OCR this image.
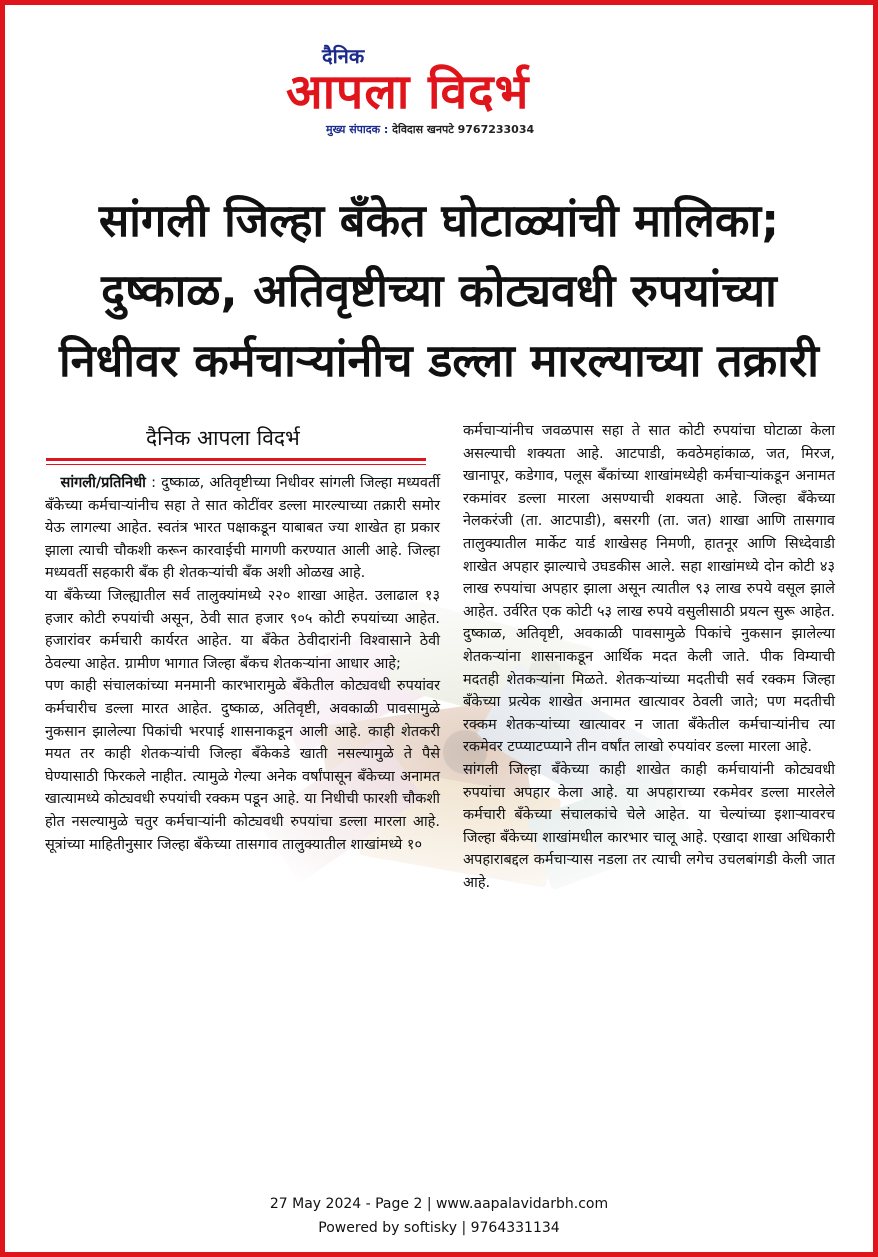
दैनिक
आपला विदर्भ
मुख्य संपादक : देविदास खनपटे 9767233034
सांगली जिल्हा बँकेत घोटाळ्यांची मालिका;
दुष्काळ, अतिवृष्टीच्या कोट्यवधी रुपयांच्या
निधीवर कर्मचाऱ्यांनीच डल्ला मारल्याच्या तक्रारी
दैनिक आपला विदर्भ

सांगली/प्रतिनिधी : दुष्काळ, अतिवृष्टीच्या निधीवर सांगली जिल्हा मध्यवर्ती बँकेच्या कर्मचाऱ्यांनीच सहा ते सात कोटींवर डल्ला मारल्याच्या तक्रारी समोर येऊ लागल्या आहेत. स्वतंत्र भारत पक्षाकडून याबाबत ज्या शाखेत हा प्रकार झाला त्याची चौकशी करून कारवाईची मागणी करण्यात आली आहे. जिल्हा मध्यवर्ती सहकारी बँक ही शेतकऱ्यांची बँक अशी ओळख आहे.

या बँकेच्या जिल्ह्यातील सर्व तालुक्यांमध्ये २२० शाखा आहेत. उलाढाल १३ हजार कोटी रुपयांची असून, ठेवी सात हजार ९०५ कोटी रुपयांच्या आहेत. हजारांवर कर्मचारी कार्यरत आहेत. या बँकेत ठेवीदारांनी विश्वासाने ठेवी ठेवल्या आहेत. ग्रामीण भागात जिल्हा बँकच शेतकऱ्यांना आधार आहे;

पण काही संचालकांच्या मनमानी कारभारामुळे बँकेतील कोट्यवधी रुपयांवर कर्मचारीच डल्ला मारत आहेत. दुष्काळ, अतिवृष्टी, अवकाळी पावसामुळे नुकसान झालेल्या पिकांची भरपाई शासनाकडून आली आहे. काही शेतकरी मयत तर काही शेतकऱ्यांची जिल्हा बँकेकडे खाती नसल्यामुळे ते पैसे घेण्यासाठी फिरकले नाहीत. त्यामुळे गेल्या अनेक वर्षांपासून बँकेच्या अनामत खात्यामध्ये कोट्यवधी रुपयांची रक्कम पडून आहे. या निधीची फारशी चौकशी होत नसल्यामुळे चतुर कर्मचाऱ्यांनी कोट्यवधी रुपयांचा डल्ला मारला आहे. सूत्रांच्या माहितीनुसार जिल्हा बँकेच्या तासगाव तालुक्यातील शाखांमध्ये १०

कर्मचाऱ्यांनीच जवळपास सहा ते सात कोटी रुपयांचा घोटाळा केला असल्याची शक्यता आहे. आटपाडी, कवठेमहांकाळ, जत, मिरज, खानापूर, कडेगाव, पलूस बँकांच्या शाखांमध्येही कर्मचाऱ्यांकडून अनामत रकमांवर डल्ला मारला असण्याची शक्यता आहे. जिल्हा बँकेच्या नेलकरंजी (ता. आटपाडी), बसरगी (ता. जत) शाखा आणि तासगाव तालुक्यातील मार्केट यार्ड शाखेसह निमणी, हातनूर आणि सिध्देवाडी शाखेत अपहार झाल्याचे उघडकीस आले. सहा शाखांमध्ये दोन कोटी ४३ लाख रुपयांचा अपहार झाला असून त्यातील ९३ लाख रुपये वसूल झाले आहेत. उर्वरित एक कोटी ५३ लाख रुपये वसुलीसाठी प्रयत्न सुरू आहेत. दुष्काळ, अतिवृष्टी, अवकाळी पावसामुळे पिकांचे नुकसान झालेल्या शेतकऱ्यांना शासनाकडून आर्थिक मदत केली जाते. पीक विम्याची मदतही शेतकऱ्यांना मिळते. शेतकऱ्यांच्या मदतीची सर्व रक्कम जिल्हा बँकेच्या प्रत्येक शाखेत अनामत खात्यावर ठेवली जाते; पण मदतीची रक्कम शेतकऱ्यांच्या खात्यावर न जाता बँकेतील कर्मचाऱ्यांनीच त्या रकमेवर टप्प्याटप्प्याने तीन वर्षांत लाखो रुपयांवर डल्ला मारला आहे.

सांगली जिल्हा बँकेच्या काही शाखेत काही कर्मचायांनी कोट्यवधी रुपयांचा अपहार केला आहे. या अपहाराच्या रकमेवर डल्ला मारलेले कर्मचारी बँकेच्या संचालकांचे चेले आहेत. या चेल्यांच्या इशाऱ्यावरच जिल्हा बँकेच्या शाखांमधील कारभार चालू आहे. एखादा शाखा अधिकारी अपहाराबद्दल कर्मचाऱ्यास नडला तर त्याची लगेच उचलबांगडी केली जात आहे.

27 May 2024 - Page 2 | www.aapalavidarbh.com
Powered by softisky | 9764331134
